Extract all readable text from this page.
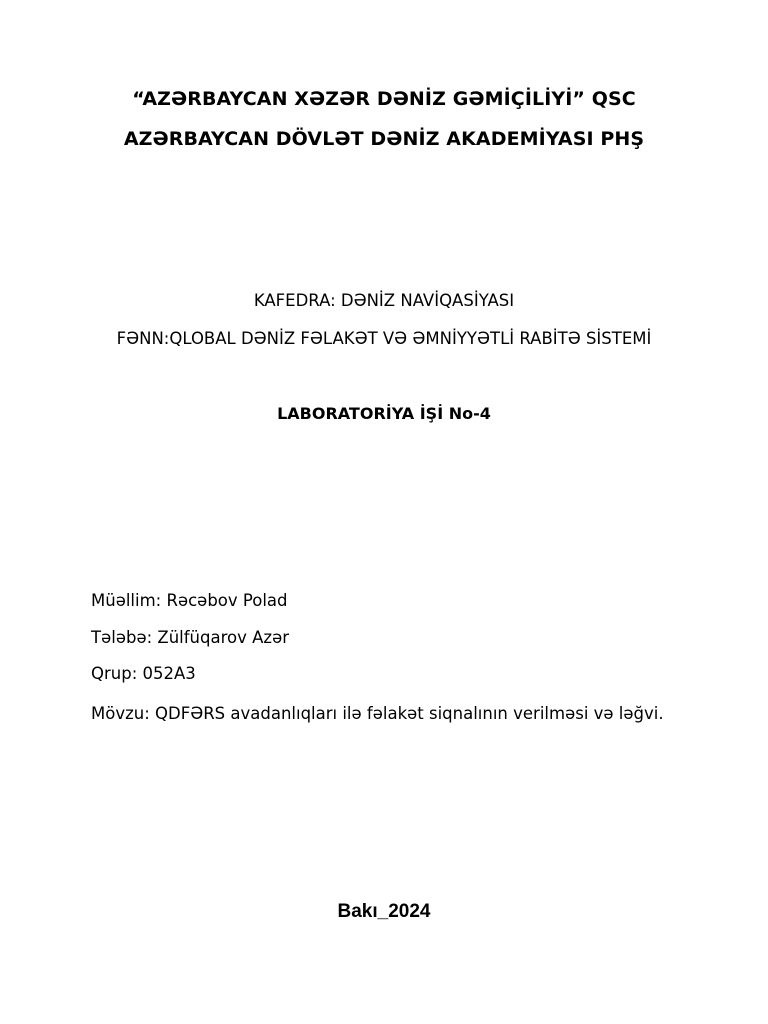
“AZƏRBAYCAN XƏZƏR DƏNİZ GƏMİÇİLİYİ” QSC
AZƏRBAYCAN DÖVLƏT DƏNİZ AKADEMİYASI PHŞ
KAFEDRA: DƏNİZ NAVİQASİYASI
FƏNN:QLOBAL DƏNİZ FƏLAKƏT VƏ ƏMNİYYƏTLİ RABİTƏ SİSTEMİ
LABORATORİYA İŞİ No-4
Müəllim: Rəcəbov Polad
Tələbə: Zülfüqarov Azər
Qrup: 052A3
Mövzu: QDFƏRS avadanlıqları ilə fəlakət siqnalının verilməsi və ləğvi.
Bakı_2024
